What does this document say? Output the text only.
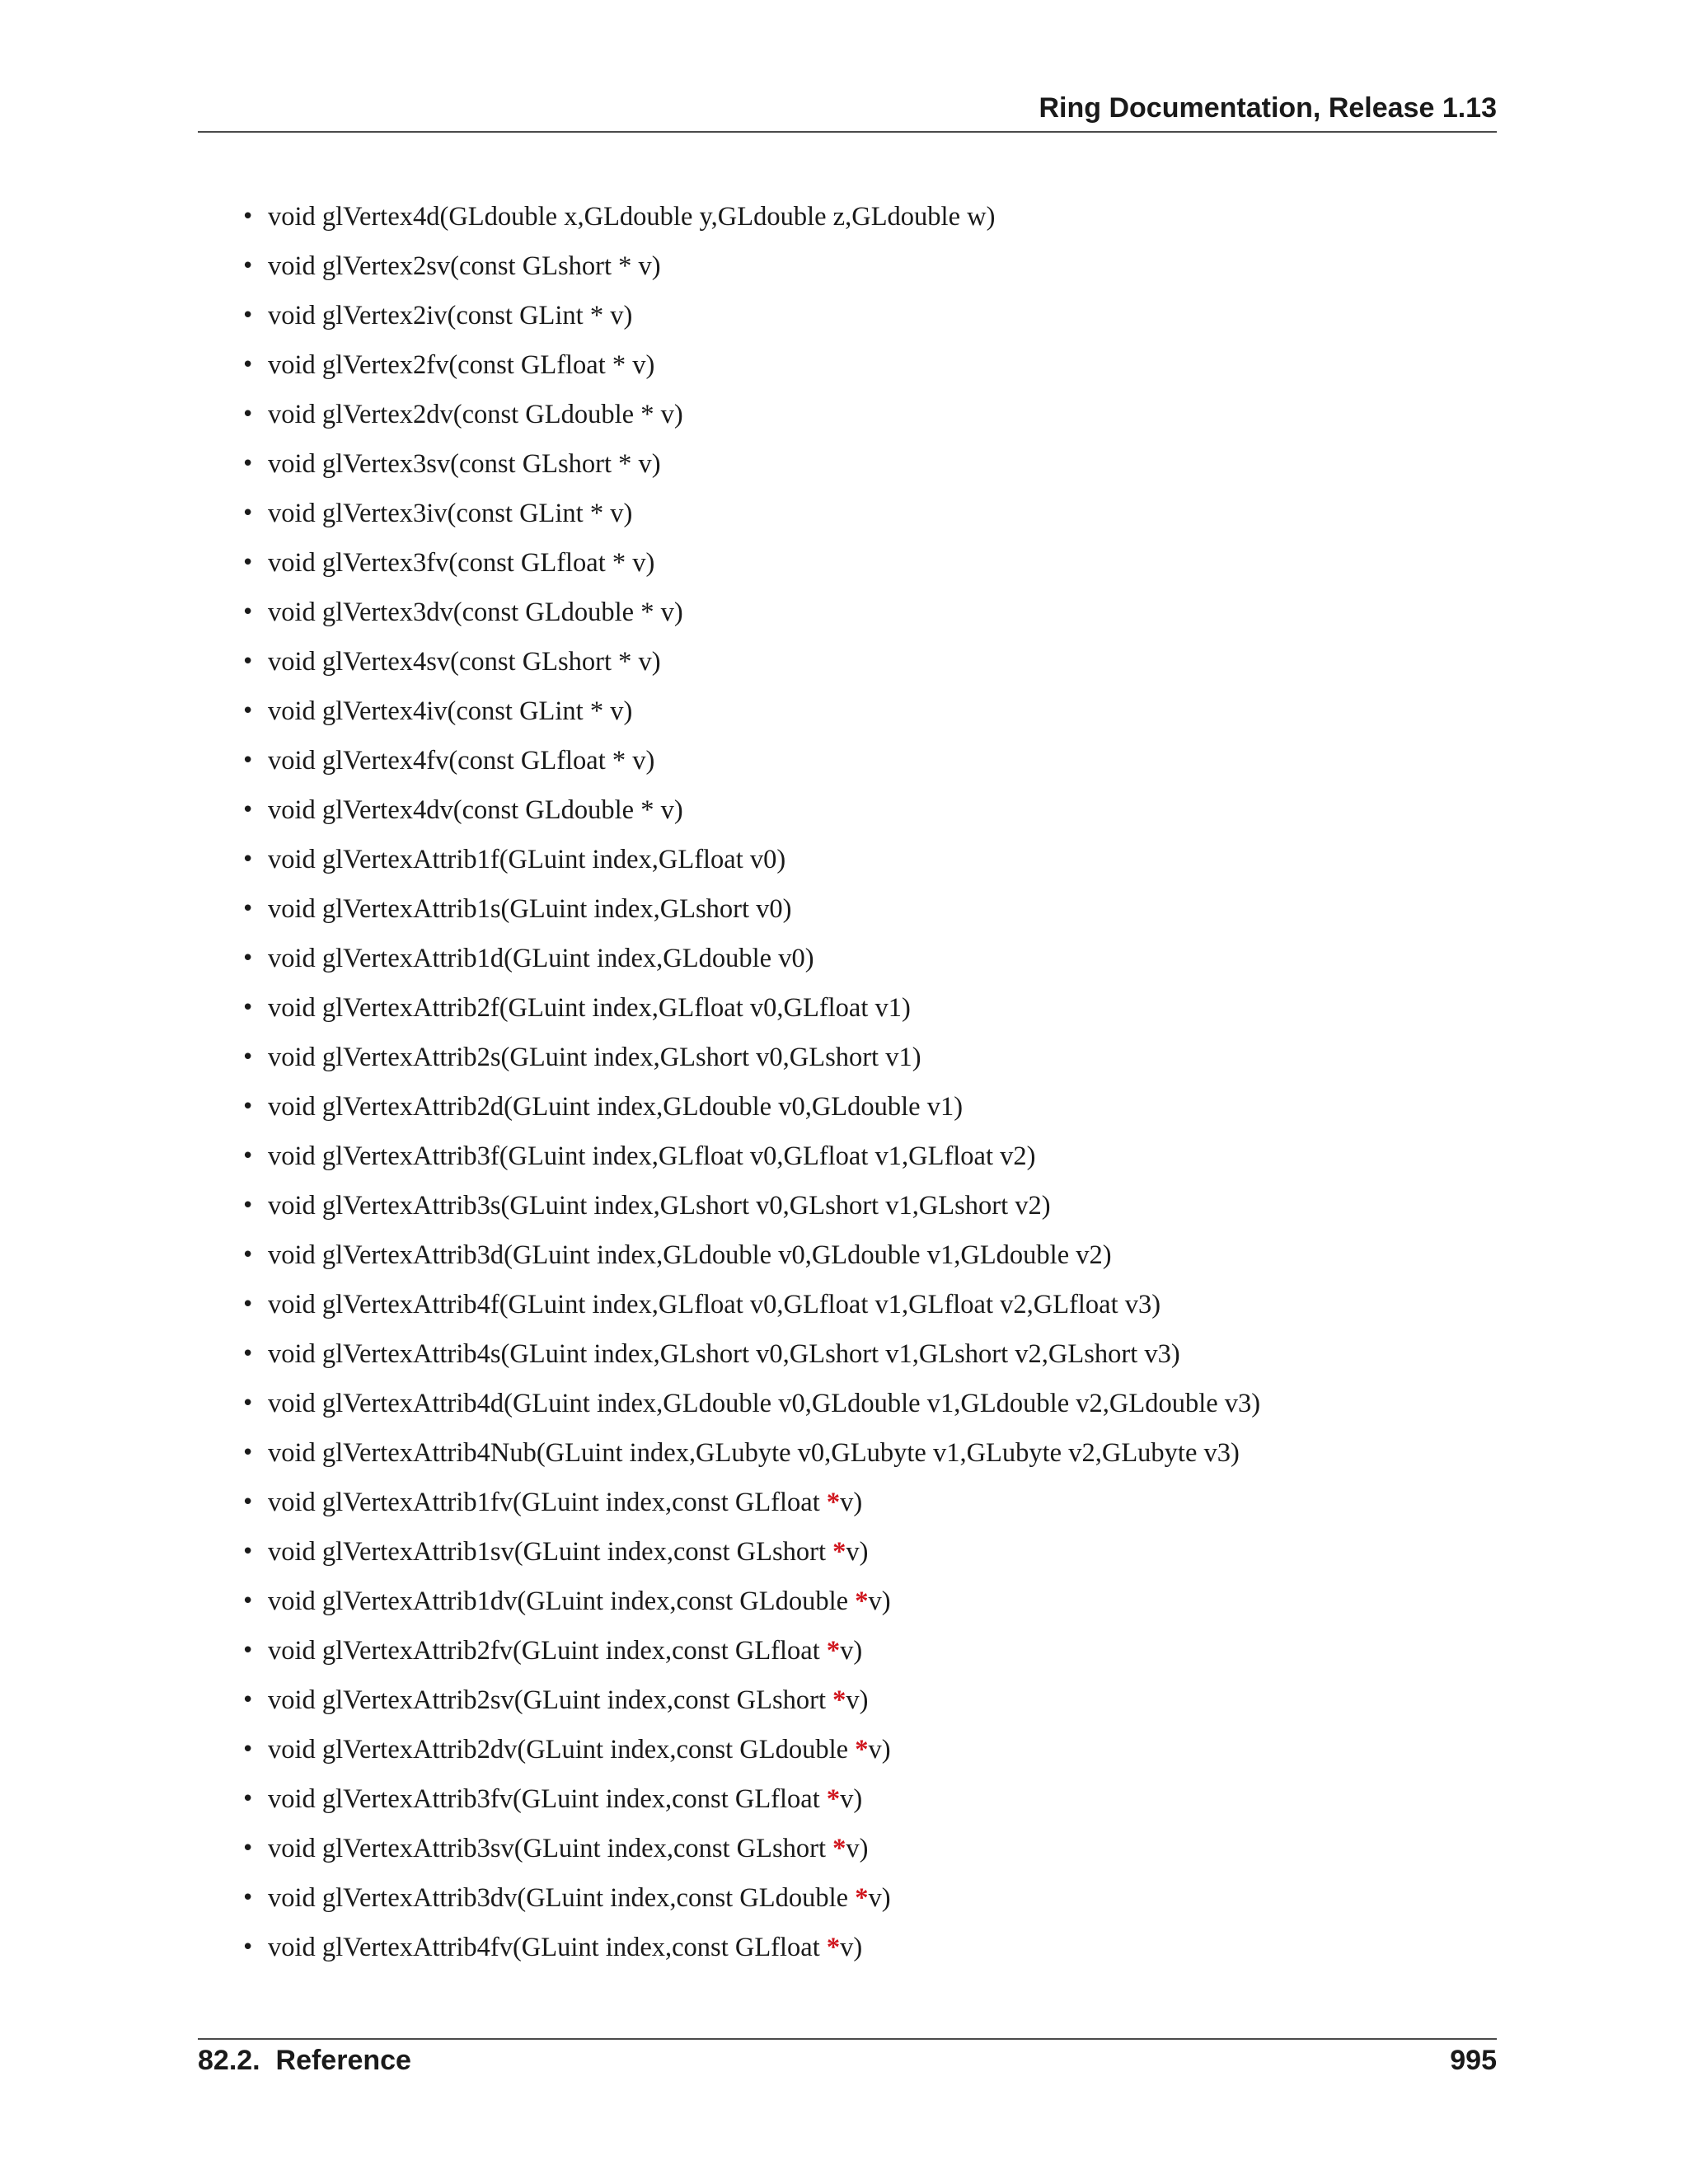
Ring Documentation, Release 1.13
• void glVertex4d(GLdouble x,GLdouble y,GLdouble z,GLdouble w)
• void glVertex2sv(const GLshort * v)
• void glVertex2iv(const GLint * v)
• void glVertex2fv(const GLfloat * v)
• void glVertex2dv(const GLdouble * v)
• void glVertex3sv(const GLshort * v)
• void glVertex3iv(const GLint * v)
• void glVertex3fv(const GLfloat * v)
• void glVertex3dv(const GLdouble * v)
• void glVertex4sv(const GLshort * v)
• void glVertex4iv(const GLint * v)
• void glVertex4fv(const GLfloat * v)
• void glVertex4dv(const GLdouble * v)
• void glVertexAttrib1f(GLuint index,GLfloat v0)
• void glVertexAttrib1s(GLuint index,GLshort v0)
• void glVertexAttrib1d(GLuint index,GLdouble v0)
• void glVertexAttrib2f(GLuint index,GLfloat v0,GLfloat v1)
• void glVertexAttrib2s(GLuint index,GLshort v0,GLshort v1)
• void glVertexAttrib2d(GLuint index,GLdouble v0,GLdouble v1)
• void glVertexAttrib3f(GLuint index,GLfloat v0,GLfloat v1,GLfloat v2)
• void glVertexAttrib3s(GLuint index,GLshort v0,GLshort v1,GLshort v2)
• void glVertexAttrib3d(GLuint index,GLdouble v0,GLdouble v1,GLdouble v2)
• void glVertexAttrib4f(GLuint index,GLfloat v0,GLfloat v1,GLfloat v2,GLfloat v3)
• void glVertexAttrib4s(GLuint index,GLshort v0,GLshort v1,GLshort v2,GLshort v3)
• void glVertexAttrib4d(GLuint index,GLdouble v0,GLdouble v1,GLdouble v2,GLdouble v3)
• void glVertexAttrib4Nub(GLuint index,GLubyte v0,GLubyte v1,GLubyte v2,GLubyte v3)
• void glVertexAttrib1fv(GLuint index,const GLfloat *v)
• void glVertexAttrib1sv(GLuint index,const GLshort *v)
• void glVertexAttrib1dv(GLuint index,const GLdouble *v)
• void glVertexAttrib2fv(GLuint index,const GLfloat *v)
• void glVertexAttrib2sv(GLuint index,const GLshort *v)
• void glVertexAttrib2dv(GLuint index,const GLdouble *v)
• void glVertexAttrib3fv(GLuint index,const GLfloat *v)
• void glVertexAttrib3sv(GLuint index,const GLshort *v)
• void glVertexAttrib3dv(GLuint index,const GLdouble *v)
• void glVertexAttrib4fv(GLuint index,const GLfloat *v)
82.2.  Reference	995
